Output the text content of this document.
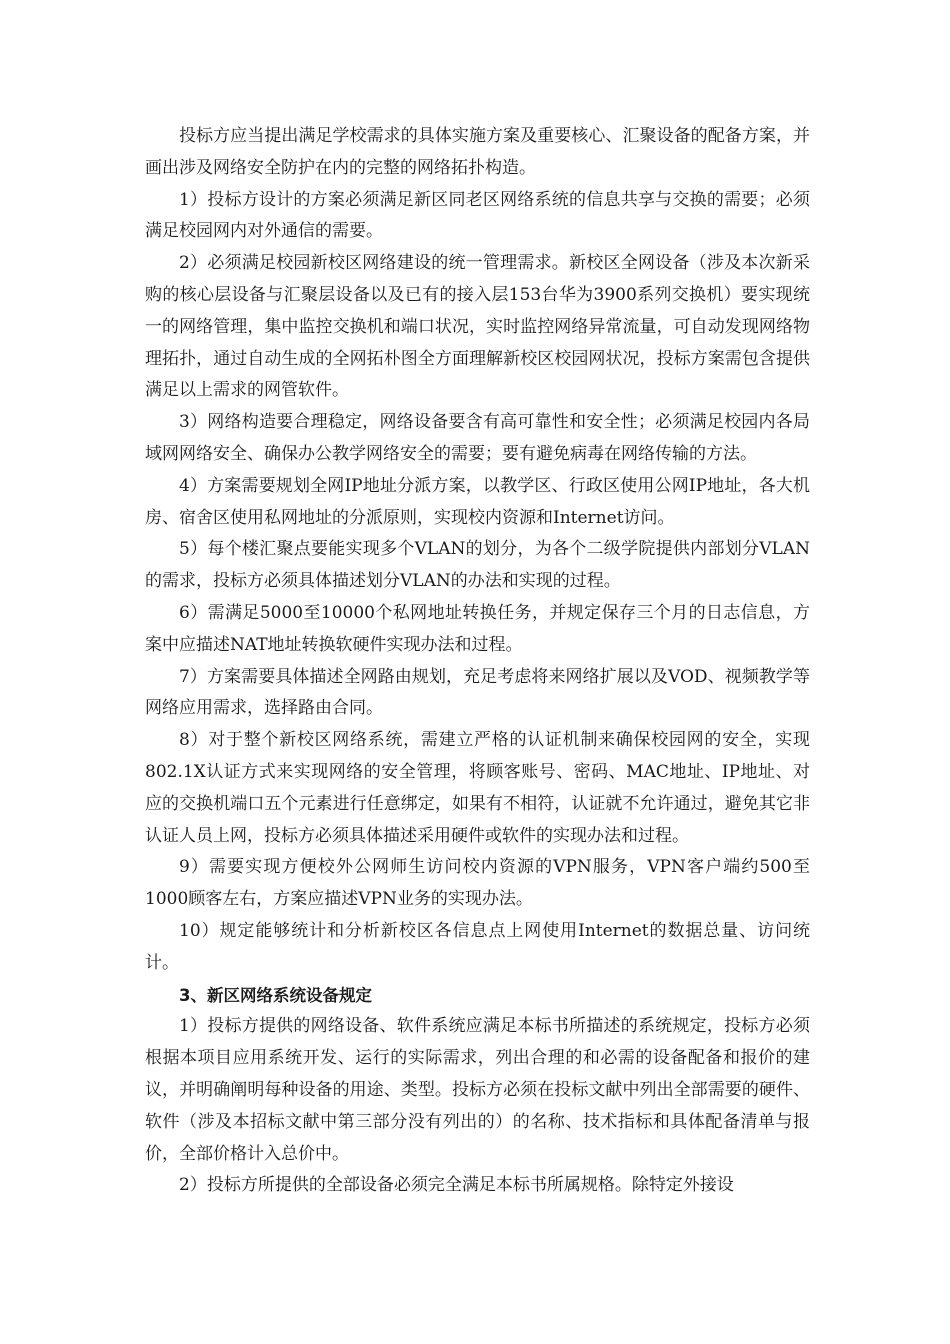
投标方应当提出满足学校需求的具体实施方案及重要核心、汇聚设备的配备方案，并画出涉及网络安全防护在内的完整的网络拓扑构造。

1）投标方设计的方案必须满足新区同老区网络系统的信息共享与交换的需要；必须满足校园网内对外通信的需要。

2）必须满足校园新校区网络建设的统一管理需求。新校区全网设备（涉及本次新采购的核心层设备与汇聚层设备以及已有的接入层153台华为3900系列交换机）要实现统一的网络管理，集中监控交换机和端口状况，实时监控网络异常流量，可自动发现网络物理拓扑，通过自动生成的全网拓朴图全方面理解新校区校园网状况，投标方案需包含提供满足以上需求的网管软件。

3）网络构造要合理稳定，网络设备要含有高可靠性和安全性；必须满足校园内各局域网网络安全、确保办公教学网络安全的需要；要有避免病毒在网络传输的方法。

4）方案需要规划全网IP地址分派方案，以教学区、行政区使用公网IP地址，各大机房、宿舍区使用私网地址的分派原则，实现校内资源和Internet访问。

5）每个楼汇聚点要能实现多个VLAN的划分，为各个二级学院提供内部划分VLAN的需求，投标方必须具体描述划分VLAN的办法和实现的过程。

6）需满足5000至10000个私网地址转换任务，并规定保存三个月的日志信息，方案中应描述NAT地址转换软硬件实现办法和过程。

7）方案需要具体描述全网路由规划，充足考虑将来网络扩展以及VOD、视频教学等网络应用需求，选择路由合同。

8）对于整个新校区网络系统，需建立严格的认证机制来确保校园网的安全，实现802.1X认证方式来实现网络的安全管理，将顾客账号、密码、MAC地址、IP地址、对应的交换机端口五个元素进行任意绑定，如果有不相符，认证就不允许通过，避免其它非认证人员上网，投标方必须具体描述采用硬件或软件的实现办法和过程。

9）需要实现方便校外公网师生访问校内资源的VPN服务，VPN客户端约500至1000顾客左右，方案应描述VPN业务的实现办法。

10）规定能够统计和分析新校区各信息点上网使用Internet的数据总量、访问统计。

3、新区网络系统设备规定

1）投标方提供的网络设备、软件系统应满足本标书所描述的系统规定，投标方必须根据本项目应用系统开发、运行的实际需求，列出合理的和必需的设备配备和报价的建议，并明确阐明每种设备的用途、类型。投标方必须在投标文献中列出全部需要的硬件、软件（涉及本招标文献中第三部分没有列出的）的名称、技术指标和具体配备清单与报价，全部价格计入总价中。

2）投标方所提供的全部设备必须完全满足本标书所属规格。除特定外接设
